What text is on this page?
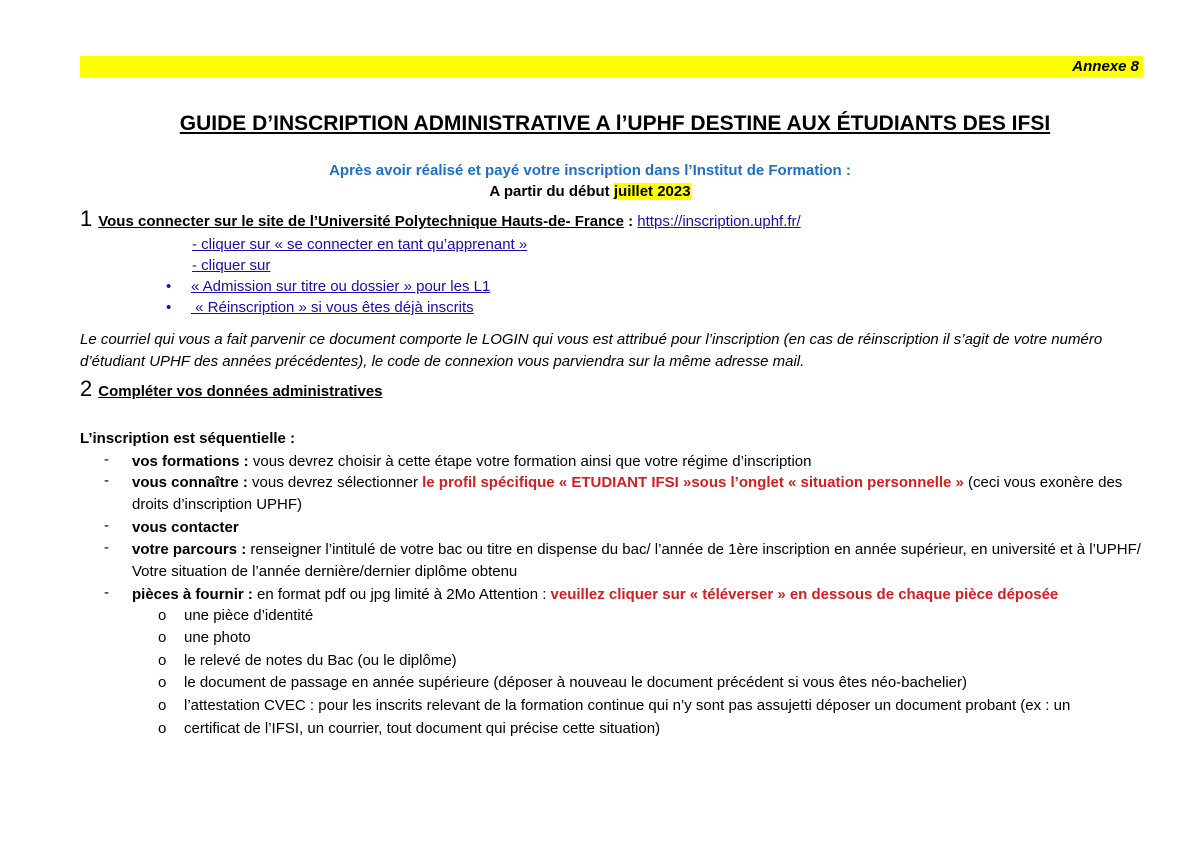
Annexe 8
GUIDE D’INSCRIPTION ADMINISTRATIVE A l’UPHF DESTINE AUX ÉTUDIANTS DES IFSI
Après avoir réalisé et payé votre inscription dans l’Institut de Formation :
A partir du début juillet 2023
1 Vous connecter sur le site de l’Université Polytechnique Hauts-de- France : https://inscription.uphf.fr/
- cliquer sur « se connecter en tant qu’apprenant »
- cliquer sur
• « Admission sur titre ou dossier » pour les L1
• « Réinscription » si vous êtes déjà inscrits
Le courriel qui vous a fait parvenir ce document comporte le LOGIN qui vous est attribué pour l’inscription (en cas de réinscription il s’agit de votre numéro d’étudiant UPHF des années précédentes), le code de connexion vous parviendra sur la même adresse mail.
2 Compléter vos données administratives
L’inscription est séquentielle :
- vos formations : vous devrez choisir à cette étape votre formation ainsi que votre régime d’inscription
- vous connaître : vous devrez sélectionner le profil spécifique « ETUDIANT IFSI »sous l’onglet « situation personnelle » (ceci vous exonère des droits d’inscription UPHF)
- vous contacter
- votre parcours : renseigner l’intitulé de votre bac ou titre en dispense du bac/ l’année de 1ère inscription en année supérieur, en université et à l’UPHF/ Votre situation de l’année dernière/dernier diplôme obtenu
- pièces à fournir : en format pdf ou jpg limité à 2Mo Attention : veuillez cliquer sur « téléverser » en dessous de chaque pièce déposée
o une pièce d’identité
o une photo
o le relevé de notes du Bac (ou le diplôme)
o le document de passage en année supérieure (déposer à nouveau le document précédent si vous êtes néo-bachelier)
o l’attestation CVEC : pour les inscrits relevant de la formation continue qui n’y sont pas assujetti déposer un document probant (ex : un
o certificat de l’IFSI, un courrier, tout document qui précise cette situation)
